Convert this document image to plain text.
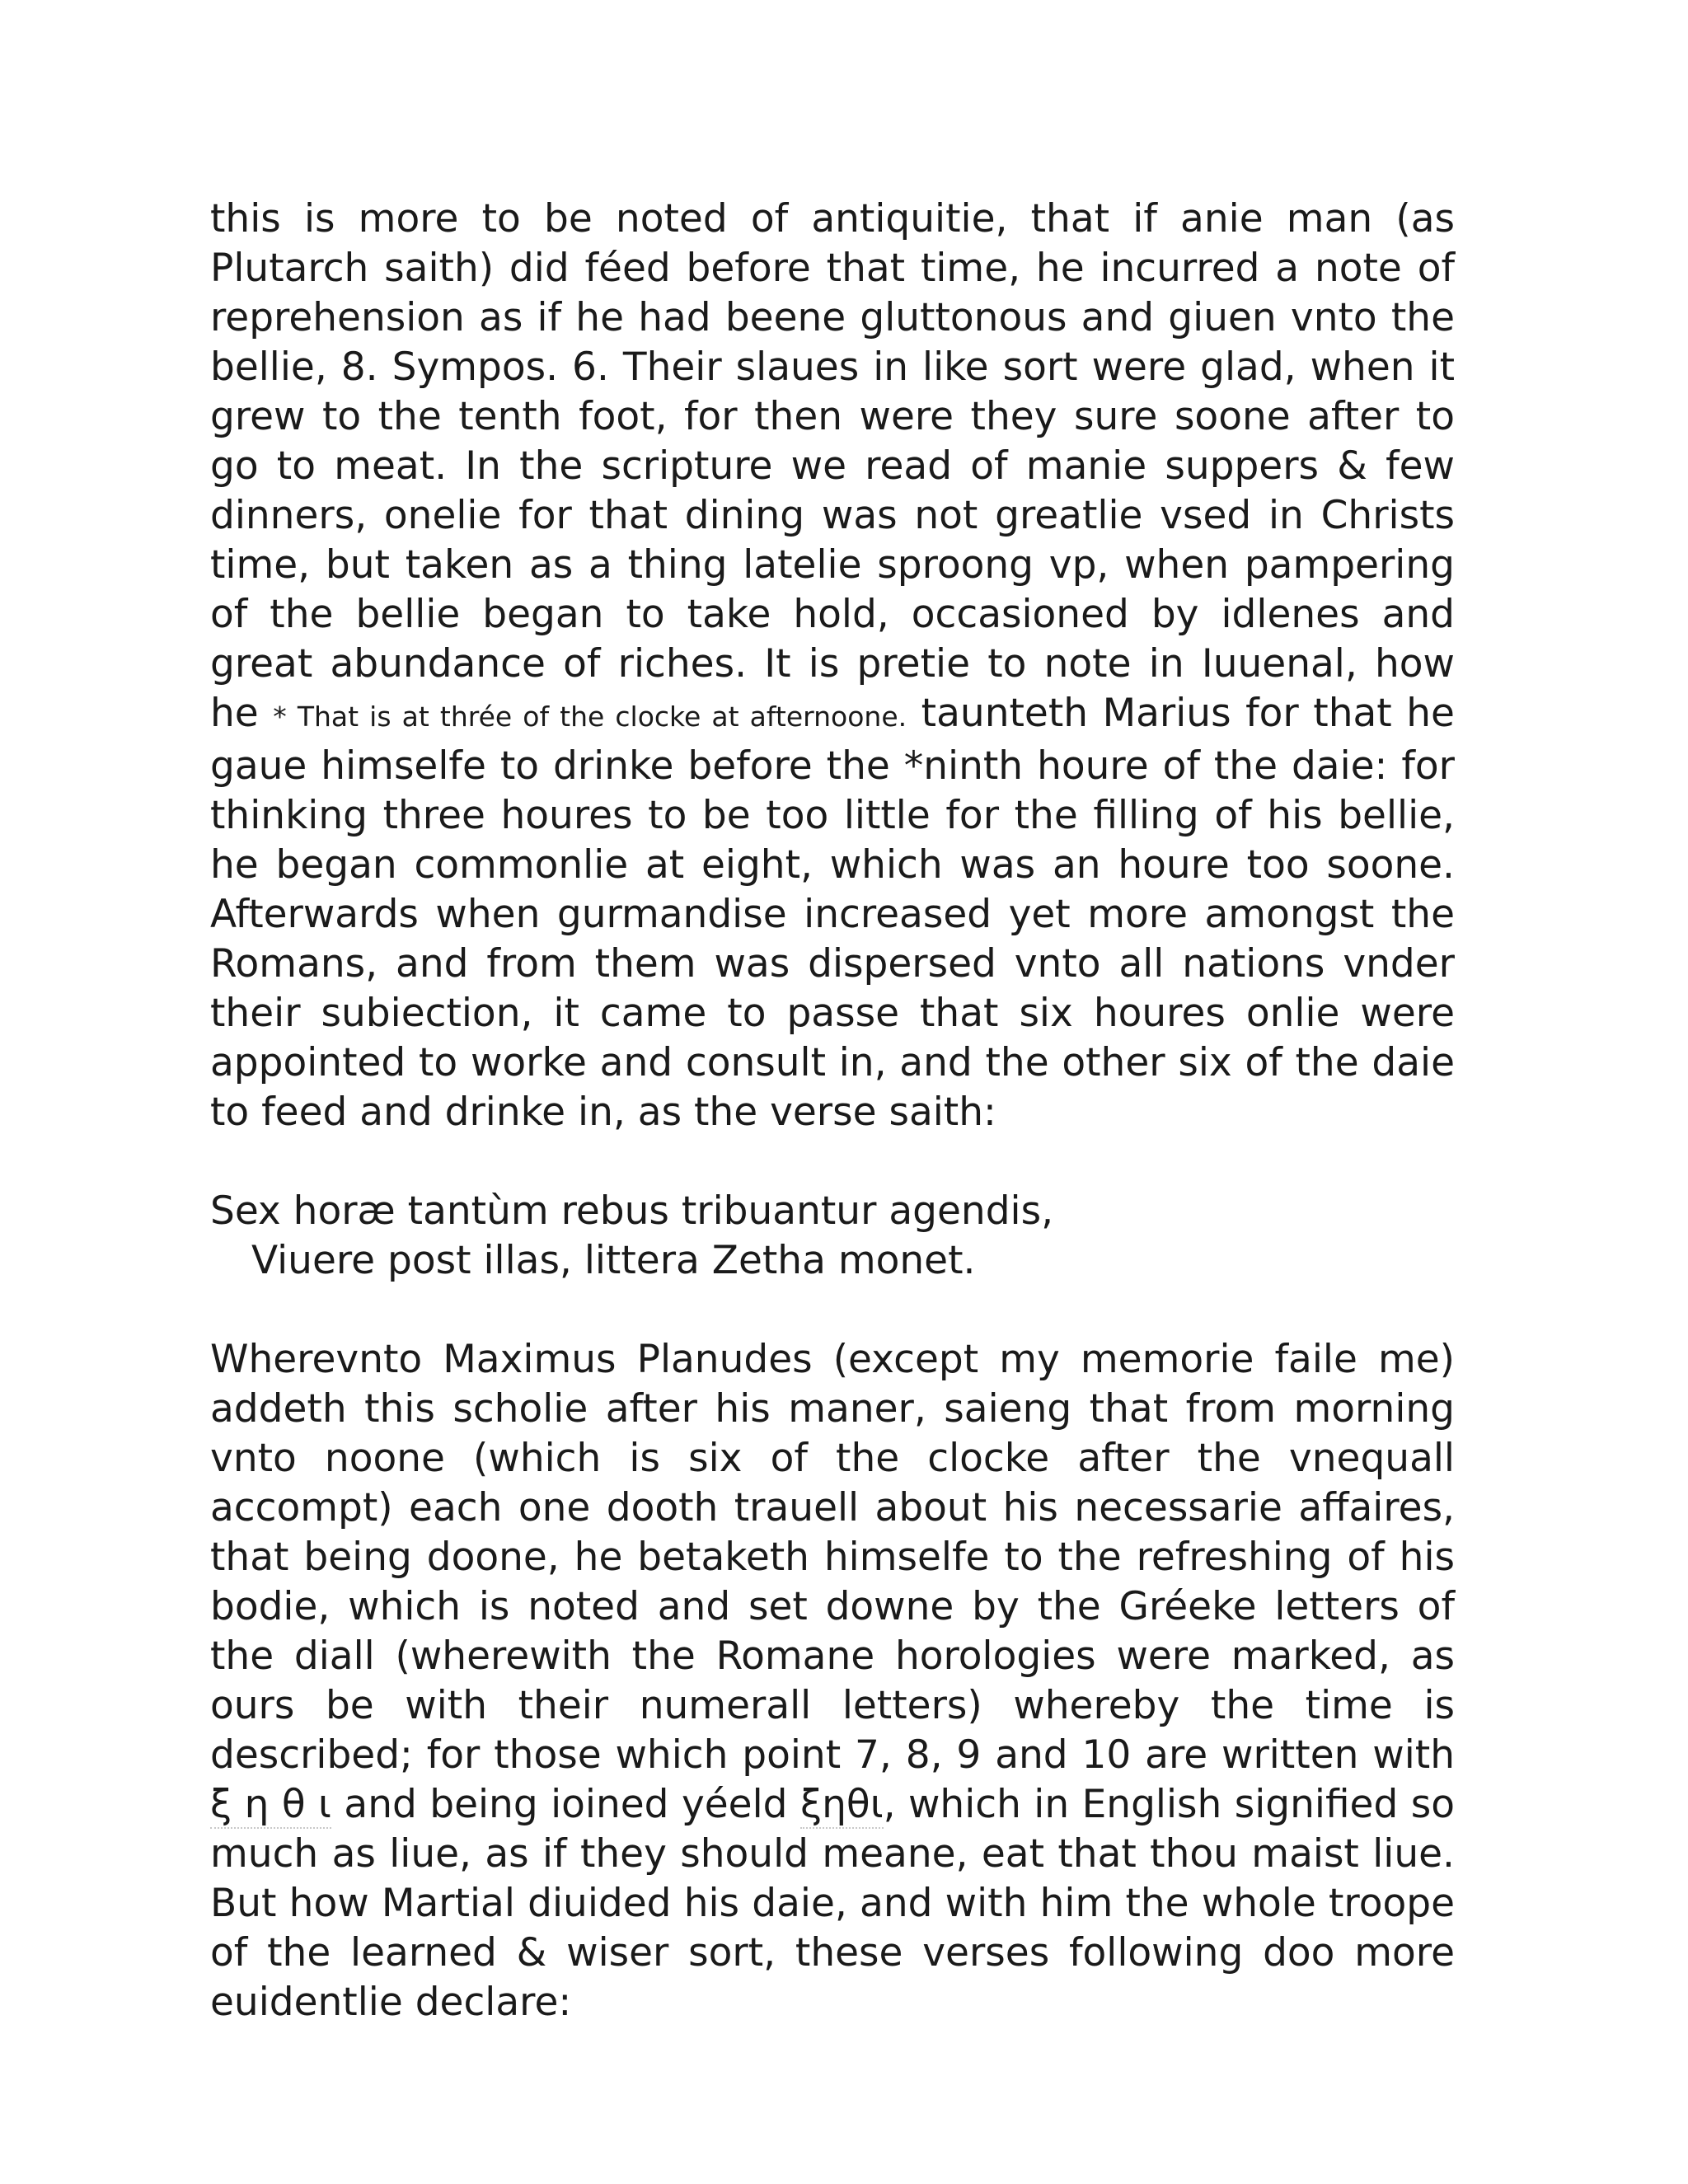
this is more to be noted of antiquitie, that if anie man (as Plutarch saith) did féed before that time, he incurred a note of reprehension as if he had beene gluttonous and giuen vnto the bellie, 8. Sympos. 6. Their slaues in like sort were glad, when it grew to the tenth foot, for then were they sure soone after to go to meat. In the scripture we read of manie suppers & few dinners, onelie for that dining was not greatlie vsed in Christs time, but taken as a thing latelie sproong vp, when pampering of the bellie began to take hold, occasioned by idlenes and great abundance of riches. It is pretie to note in Iuuenal, how he * That is at thrée of the clocke at afternoone. taunteth Marius for that he gaue himselfe to drinke before the *ninth houre of the daie: for thinking three houres to be too little for the filling of his bellie, he began commonlie at eight, which was an houre too soone. Afterwards when gurmandise increased yet more amongst the Romans, and from them was dispersed vnto all nations vnder their subiection, it came to passe that six houres onlie were appointed to worke and consult in, and the other six of the daie to feed and drinke in, as the verse saith:
Sex horæ tantùm rebus tribuantur agendis,
Viuere post illas, littera Zetha monet.
Wherevnto Maximus Planudes (except my memorie faile me) addeth this scholie after his maner, saieng that from morning vnto noone (which is six of the clocke after the vnequall accompt) each one dooth trauell about his necessarie affaires, that being doone, he betaketh himselfe to the refreshing of his bodie, which is noted and set downe by the Gréeke letters of the diall (wherewith the Romane horologies were marked, as ours be with their numerall letters) whereby the time is described; for those which point 7, 8, 9 and 10 are written with ξ η θ ι and being ioined yéeld ξηθι, which in English signified so much as liue, as if they should meane, eat that thou maist liue. But how Martial diuided his daie, and with him the whole troope of the learned & wiser sort, these verses following doo more euidentlie declare:
